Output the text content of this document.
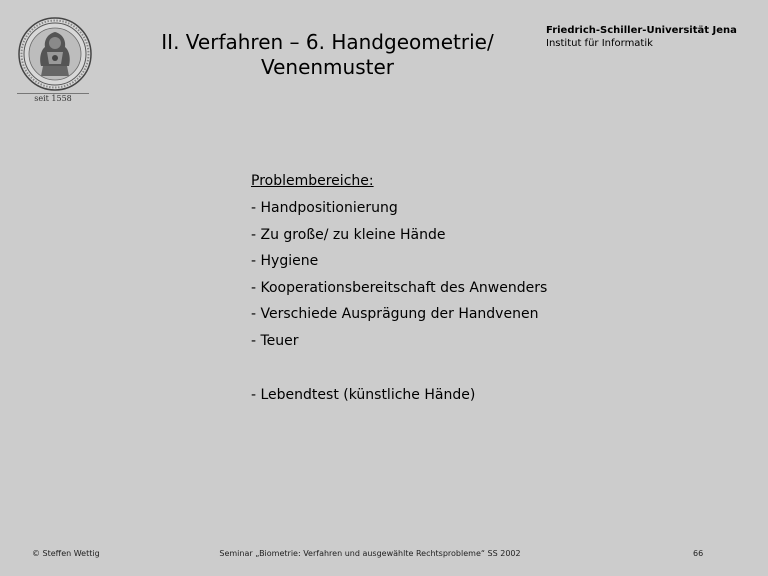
seit 1558
II. Verfahren – 6. Handgeometrie/
Venenmuster
Friedrich-Schiller-Universität Jena
Institut für Informatik
Problembereiche:
- Handpositionierung
- Zu große/ zu kleine Hände
- Hygiene
- Kooperationsbereitschaft des Anwenders
- Verschiede Ausprägung der Handvenen
- Teuer
- Lebendtest (künstliche Hände)
© Steffen Wettig	Seminar „Biometrie: Verfahren und ausgewählte Rechtsprobleme“ SS 2002	66
